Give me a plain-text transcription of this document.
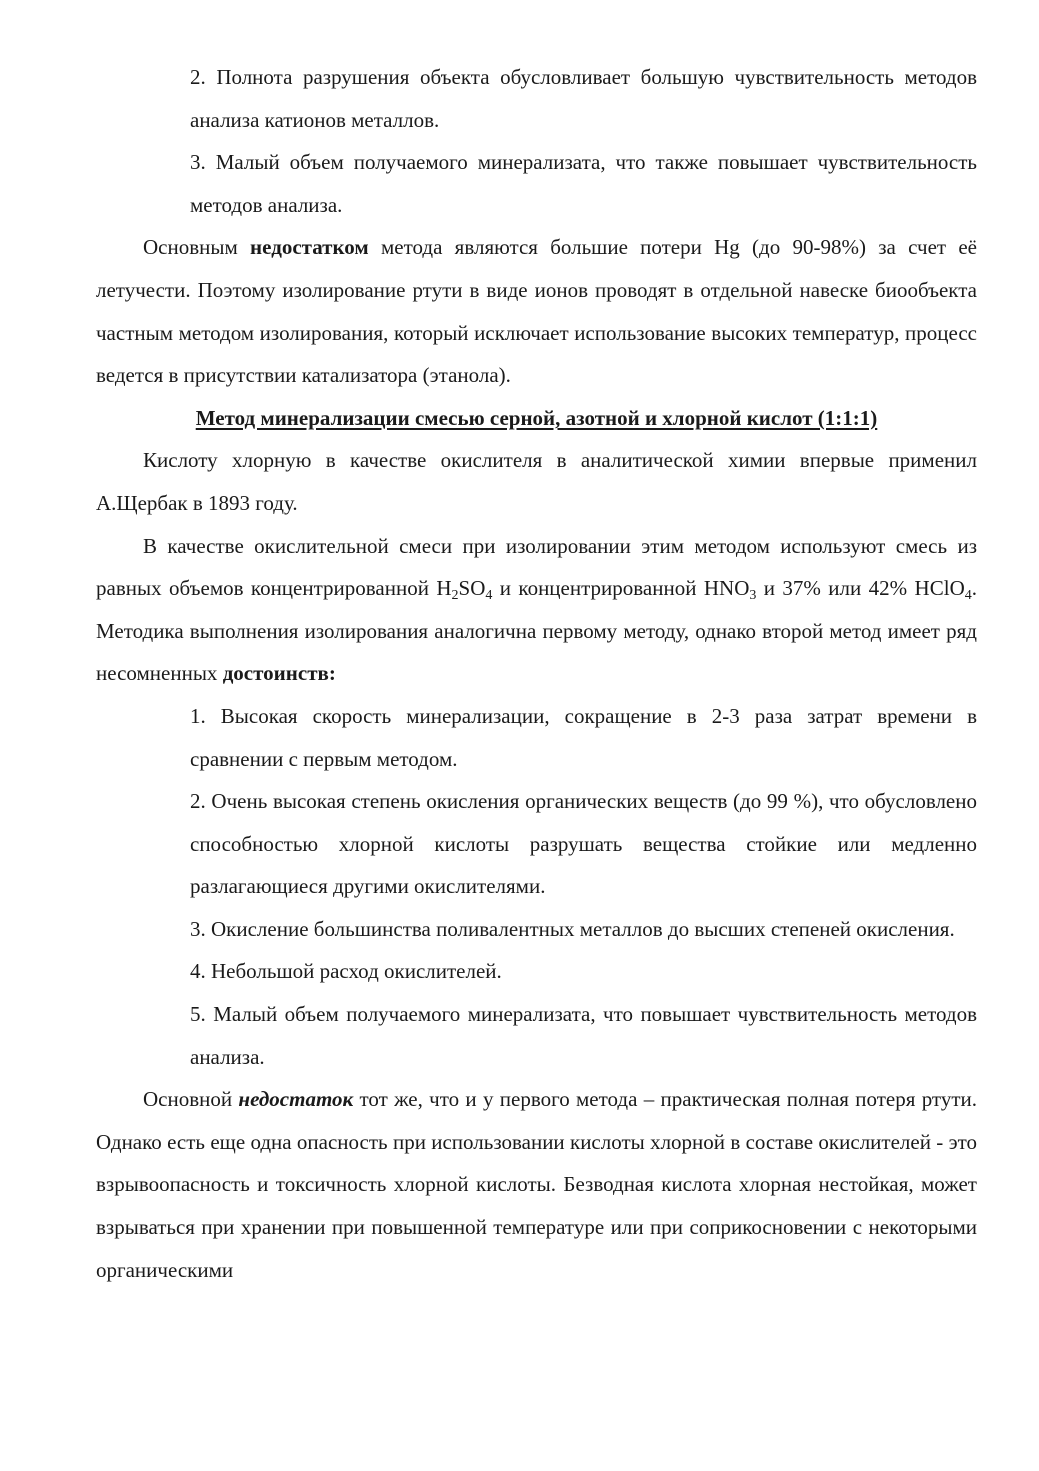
2. Полнота разрушения объекта обусловливает большую чувствительность методов анализа катионов металлов.

3. Малый объем получаемого минерализата, что также повышает чувствительность методов анализа.

Основным недостатком метода являются большие потери Hg (до 90-98%) за счет её летучести. Поэтому изолирование ртути в виде ионов проводят в отдельной навеске биообъекта частным методом изолирования, который исключает использование высоких температур, процесс ведется в присутствии катализатора (этанола).

Метод минерализации смесью серной, азотной и хлорной кислот (1:1:1)

Кислоту хлорную в качестве окислителя в аналитической химии впервые применил А.Щербак в 1893 году.

В качестве окислительной смеси при изолировании этим методом используют смесь из равных объемов концентрированной $H_2SO_4$ и концентрированной $HNO_3$ и 37% или 42% HClO$_4$. Методика выполнения изолирования аналогична первому методу, однако второй метод имеет ряд несомненных достоинств:

1. Высокая скорость минерализации, сокращение в 2-3 раза затрат времени в сравнении с первым методом.

2. Очень высокая степень окисления органических веществ (до 99 %), что обусловлено способностью хлорной кислоты разрушать вещества стойкие или медленно разлагающиеся другими окислителями.

3. Окисление большинства поливалентных металлов до высших степеней окисления.

4. Небольшой расход окислителей.

5. Малый объем получаемого минерализата, что повышает чувствительность методов анализа.

Основной недостаток тот же, что и у первого метода – практическая полная потеря ртути. Однако есть еще одна опасность при использовании кислоты хлорной в составе окислителей - это взрывоопасность и токсичность хлорной кислоты. Безводная кислота хлорная нестойкая, может взрываться при хранении при повышенной температуре или при соприкосновении с некоторыми органическими
